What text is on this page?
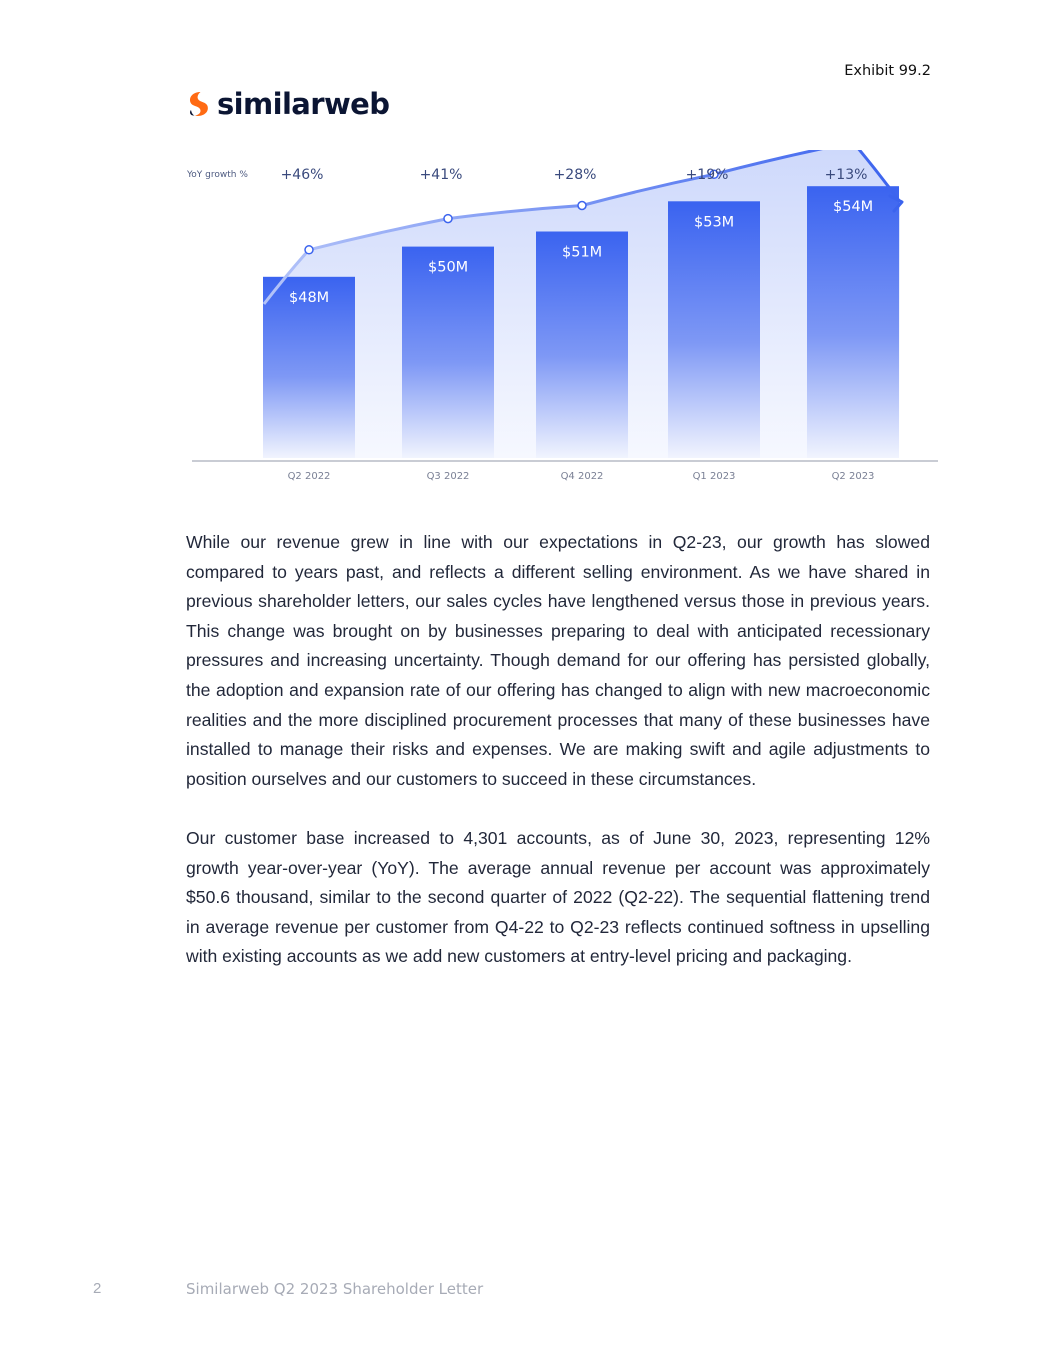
Exhibit 99.2
similarweb
YoY growth %
$48M
Q2 2022
+46%
$50M
Q3 2022
+41%
$51M
Q4 2022
+28%
$53M
Q1 2023
+19%
$54M
Q2 2023
+13%

While our revenue grew in line with our expectations in Q2-23, our growth has slowed compared to years past, and reflects a different selling environment. As we have shared in previous shareholder letters, our sales cycles have lengthened versus those in previous years. This change was brought on by businesses preparing to deal with anticipated recessionary pressures and increasing uncertainty. Though demand for our offering has persisted globally, the adoption and expansion rate of our offering has changed to align with new macroeconomic realities and the more disciplined procurement processes that many of these businesses have installed to manage their risks and expenses. We are making swift and agile adjustments to position ourselves and our customers to succeed in these circumstances.

Our customer base increased to 4,301 accounts, as of June 30, 2023, representing 12% growth year-over-year (YoY). The average annual revenue per account was approximately $50.6 thousand, similar to the second quarter of 2022 (Q2-22). The sequential flattening trend in average revenue per customer from Q4-22 to Q2-23 reflects continued softness in upselling with existing accounts as we add new customers at entry-level pricing and packaging.

2	Similarweb Q2 2023 Shareholder Letter
